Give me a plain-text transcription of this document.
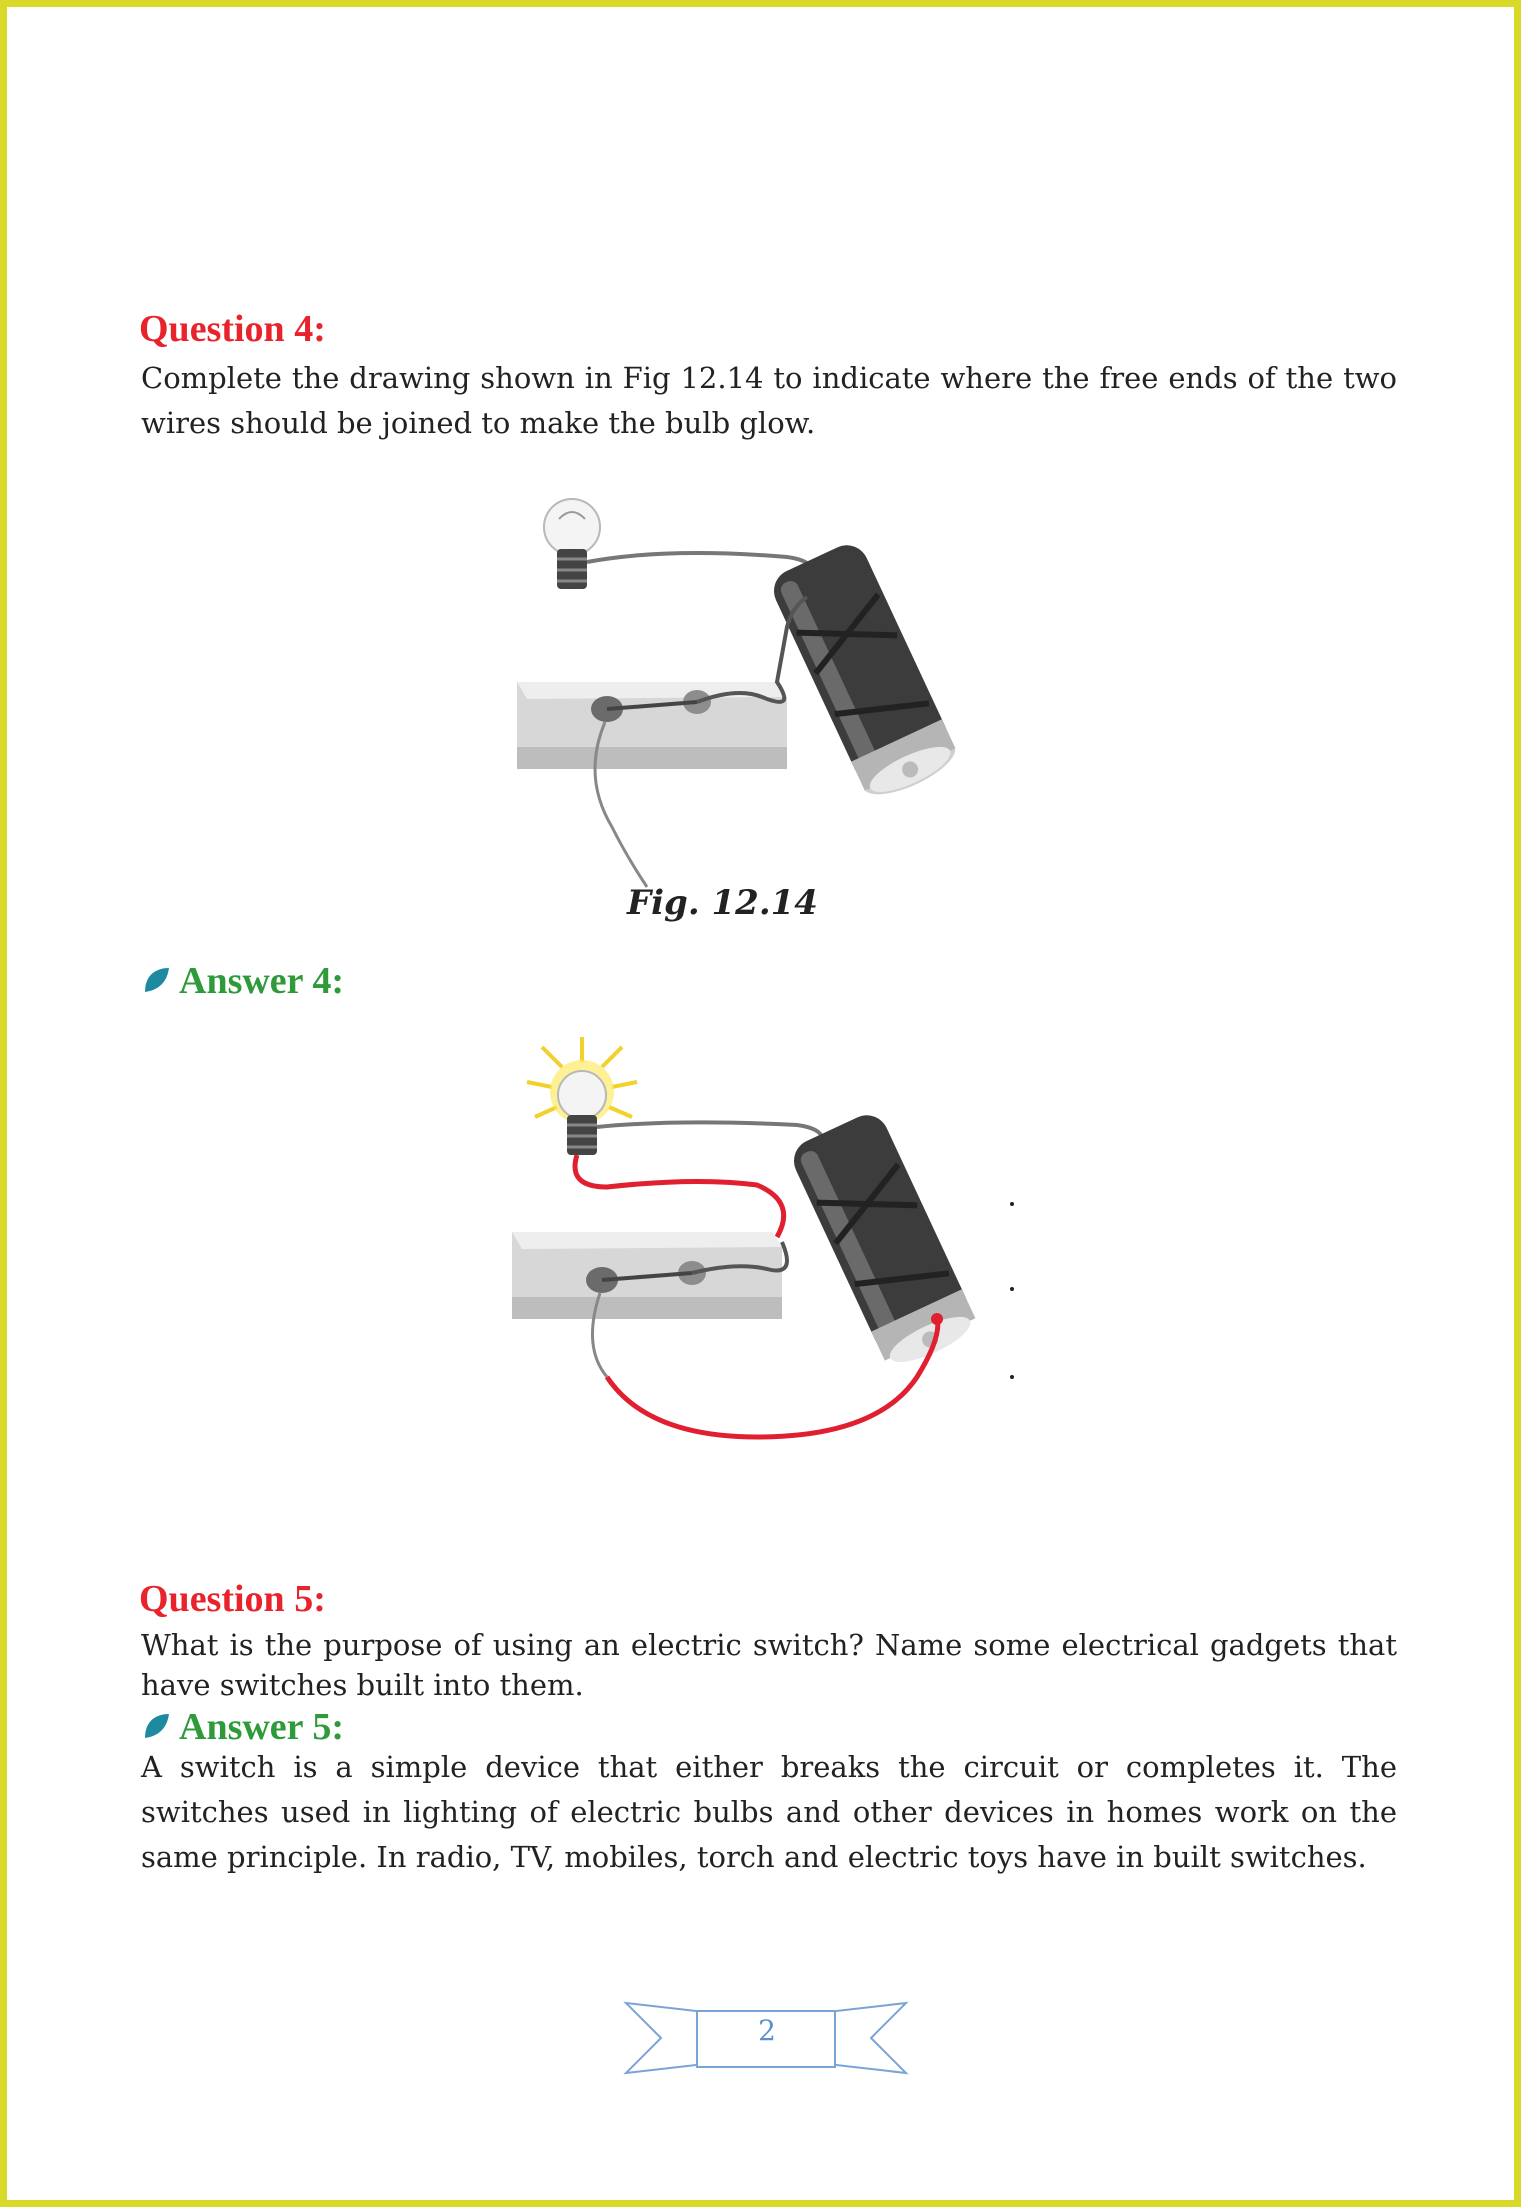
Question 4:

Complete the drawing shown in Fig 12.14 to indicate where the free ends of the two wires should be joined to make the bulb glow.

Fig. 12.14
Answer 4:
Question 5:

What is the purpose of using an electric switch? Name some electrical gadgets that have switches built into them.

Answer 5:

A switch is a simple device that either breaks the circuit or completes it. The switches used in lighting of electric bulbs and other devices in homes work on the same principle. In radio, TV, mobiles, torch and electric toys have in built switches.

2
